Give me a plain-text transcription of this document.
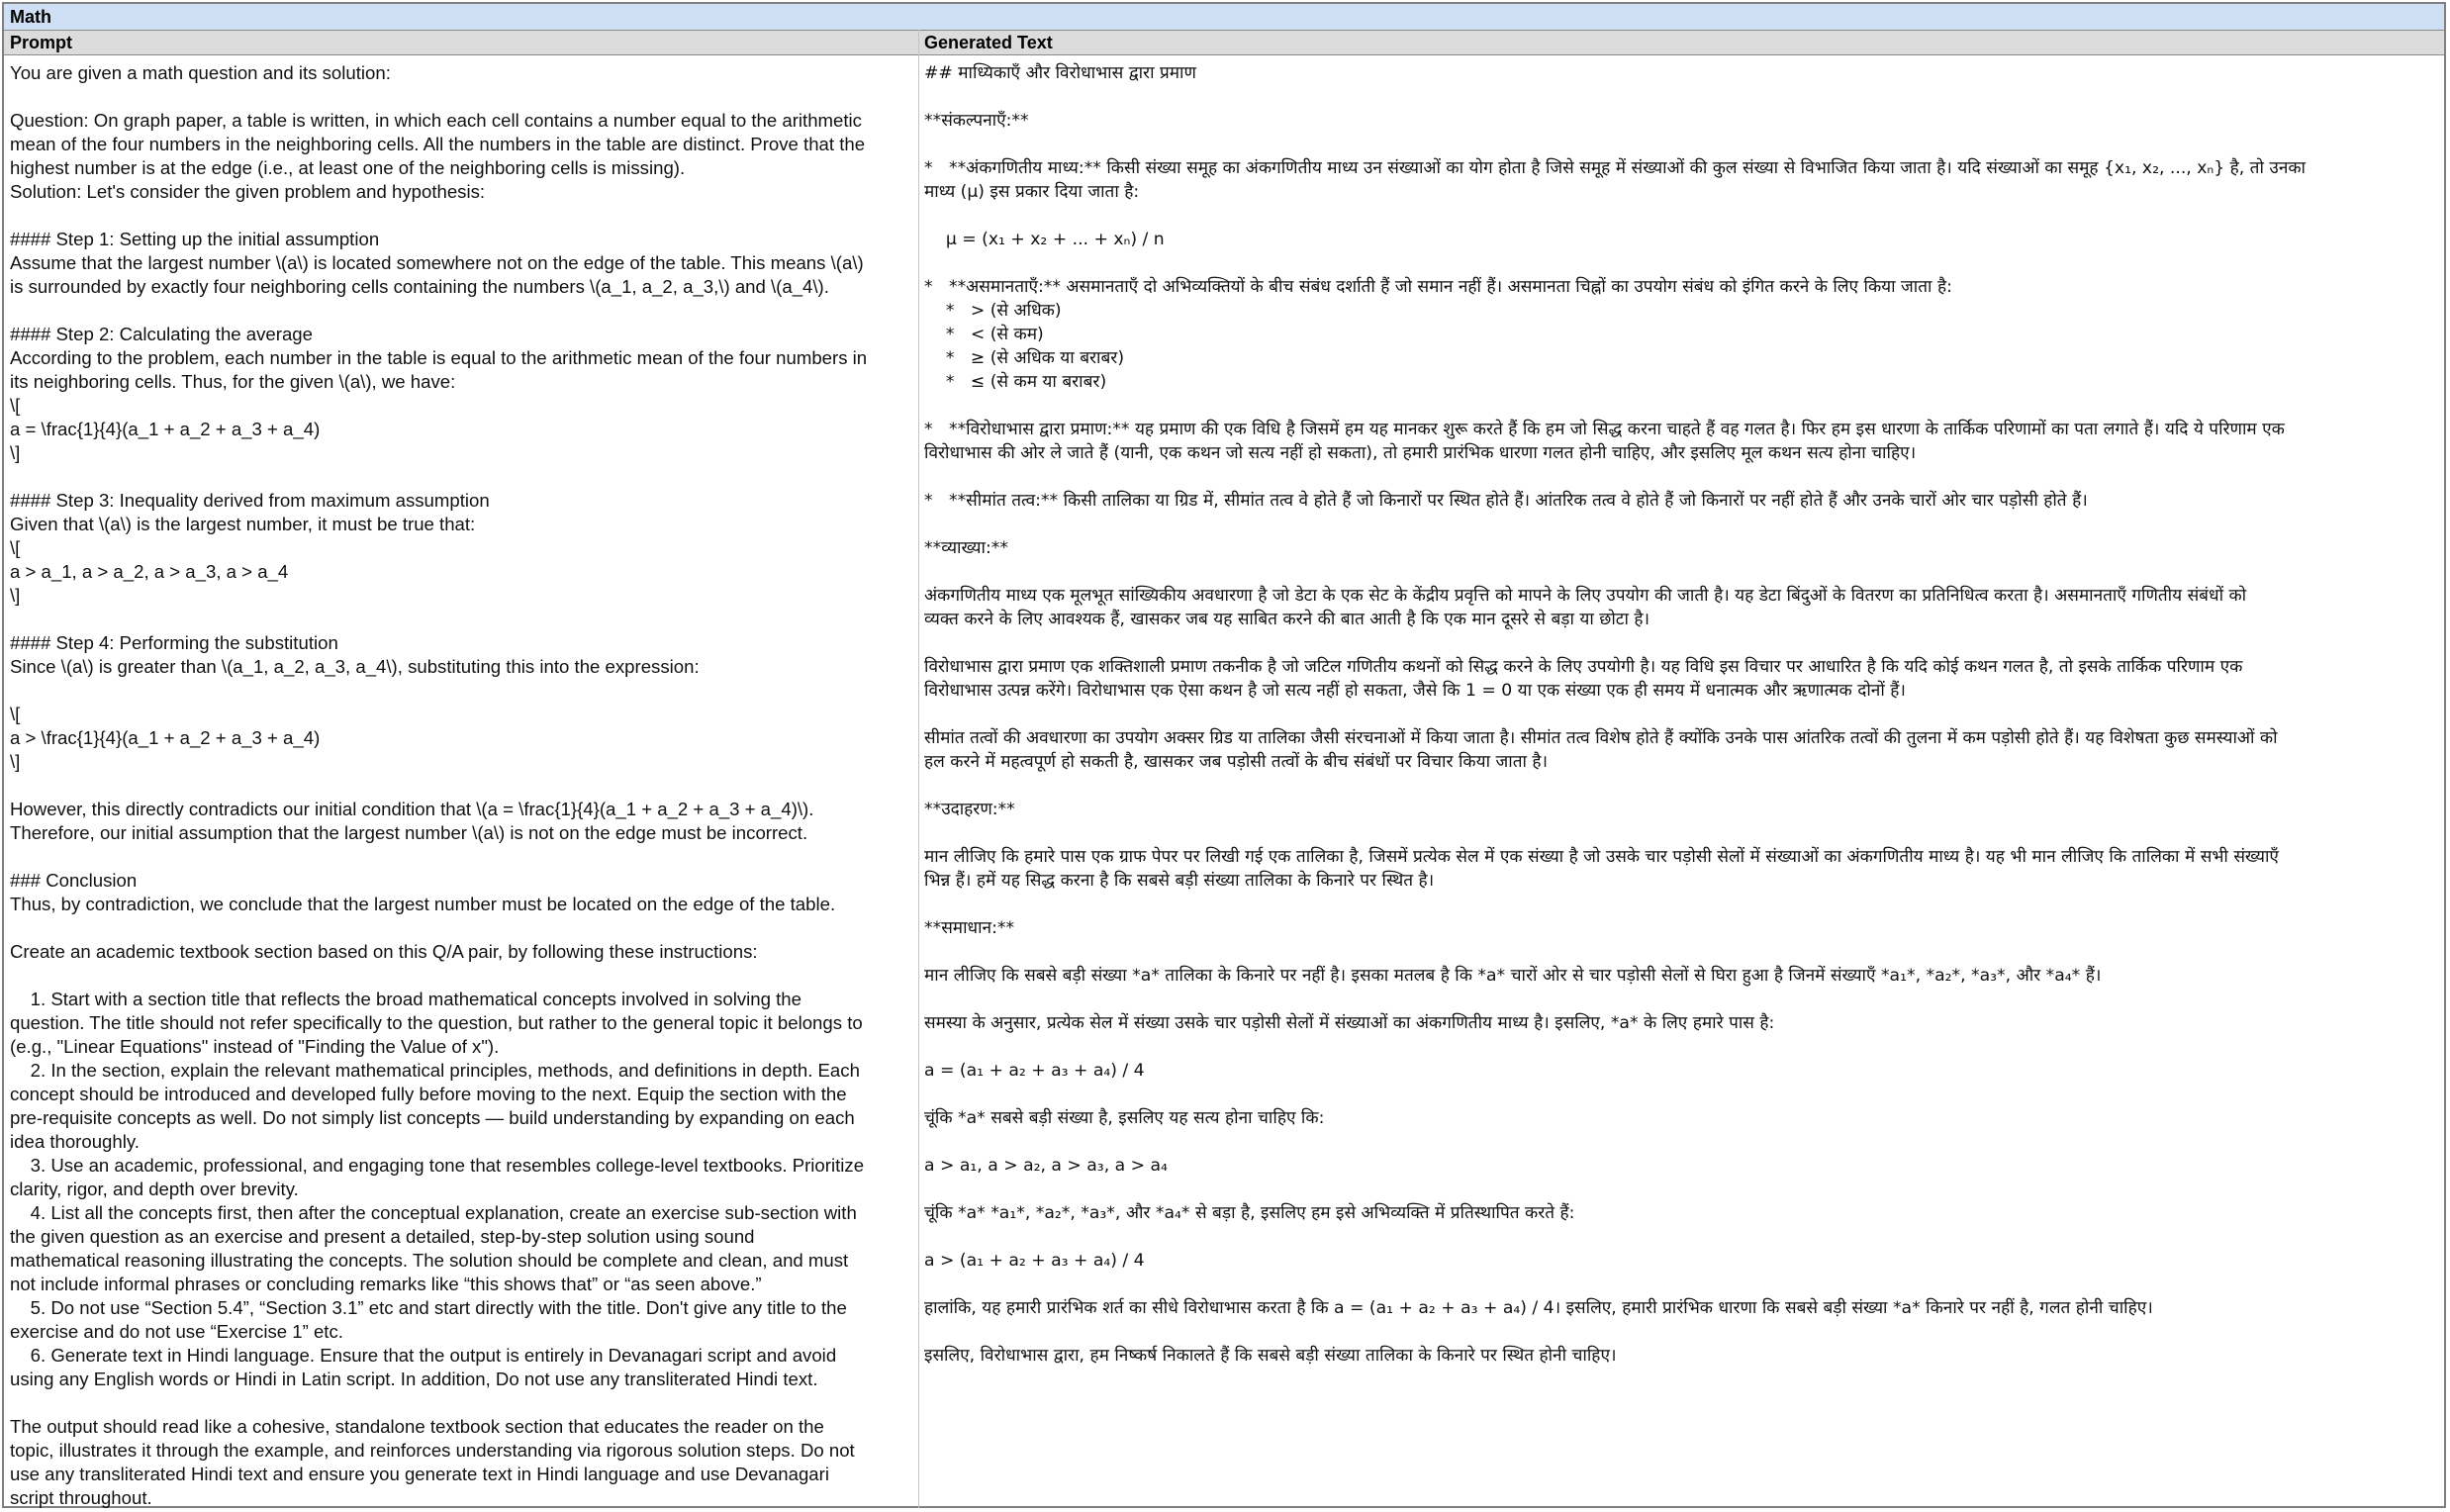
Math
Prompt	Generated Text
You are given a math question and its solution:
Question: On graph paper, a table is written, in which each cell contains a number equal to the arithmetic
mean of the four numbers in the neighboring cells. All the numbers in the table are distinct. Prove that the
highest number is at the edge (i.e., at least one of the neighboring cells is missing).
Solution: Let's consider the given problem and hypothesis:
#### Step 1: Setting up the initial assumption
Assume that the largest number \(a\) is located somewhere not on the edge of the table. This means \(a\)
is surrounded by exactly four neighboring cells containing the numbers \(a_1, a_2, a_3,\) and \(a_4\).
#### Step 2: Calculating the average
According to the problem, each number in the table is equal to the arithmetic mean of the four numbers in
its neighboring cells. Thus, for the given \(a\), we have:
\[
a = \frac{1}{4}(a_1 + a_2 + a_3 + a_4)
\]
#### Step 3: Inequality derived from maximum assumption
Given that \(a\) is the largest number, it must be true that:
\[
a > a_1, a > a_2, a > a_3, a > a_4
\]
#### Step 4: Performing the substitution
Since \(a\) is greater than \(a_1, a_2, a_3, a_4\), substituting this into the expression:
\[
a > \frac{1}{4}(a_1 + a_2 + a_3 + a_4)
\]
However, this directly contradicts our initial condition that \(a = \frac{1}{4}(a_1 + a_2 + a_3 + a_4)\).
Therefore, our initial assumption that the largest number \(a\) is not on the edge must be incorrect.
### Conclusion
Thus, by contradiction, we conclude that the largest number must be located on the edge of the table.
Create an academic textbook section based on this Q/A pair, by following these instructions:
1. Start with a section title that reflects the broad mathematical concepts involved in solving the
question. The title should not refer specifically to the question, but rather to the general topic it belongs to
(e.g., "Linear Equations" instead of "Finding the Value of x").
2. In the section, explain the relevant mathematical principles, methods, and definitions in depth. Each
concept should be introduced and developed fully before moving to the next. Equip the section with the
pre-requisite concepts as well. Do not simply list concepts — build understanding by expanding on each
idea thoroughly.
3. Use an academic, professional, and engaging tone that resembles college-level textbooks. Prioritize
clarity, rigor, and depth over brevity.
4. List all the concepts first, then after the conceptual explanation, create an exercise sub-section with
the given question as an exercise and present a detailed, step-by-step solution using sound
mathematical reasoning illustrating the concepts. The solution should be complete and clean, and must
not include informal phrases or concluding remarks like “this shows that” or “as seen above.”
5. Do not use “Section 5.4”, “Section 3.1” etc and start directly with the title. Don't give any title to the
exercise and do not use “Exercise 1” etc.
6. Generate text in Hindi language. Ensure that the output is entirely in Devanagari script and avoid
using any English words or Hindi in Latin script. In addition, Do not use any transliterated Hindi text.
The output should read like a cohesive, standalone textbook section that educates the reader on the
topic, illustrates it through the example, and reinforces understanding via rigorous solution steps. Do not
use any transliterated Hindi text and ensure you generate text in Hindi language and use Devanagari
script throughout.
## माध्यिकाएँ और विरोधाभास द्वारा प्रमाण
**संकल्पनाएँ:**
*   **अंकगणितीय माध्य:** किसी संख्या समूह का अंकगणितीय माध्य उन संख्याओं का योग होता है जिसे समूह में संख्याओं की कुल संख्या से विभाजित किया जाता है। यदि संख्याओं का समूह {x₁, x₂, ..., xₙ} है, तो उनका
माध्य (μ) इस प्रकार दिया जाता है:
μ = (x₁ + x₂ + ... + xₙ) / n
*   **असमानताएँ:** असमानताएँ दो अभिव्यक्तियों के बीच संबंध दर्शाती हैं जो समान नहीं हैं। असमानता चिह्नों का उपयोग संबंध को इंगित करने के लिए किया जाता है:
*   > (से अधिक)
*   < (से कम)
*   ≥ (से अधिक या बराबर)
*   ≤ (से कम या बराबर)
*   **विरोधाभास द्वारा प्रमाण:** यह प्रमाण की एक विधि है जिसमें हम यह मानकर शुरू करते हैं कि हम जो सिद्ध करना चाहते हैं वह गलत है। फिर हम इस धारणा के तार्किक परिणामों का पता लगाते हैं। यदि ये परिणाम एक
विरोधाभास की ओर ले जाते हैं (यानी, एक कथन जो सत्य नहीं हो सकता), तो हमारी प्रारंभिक धारणा गलत होनी चाहिए, और इसलिए मूल कथन सत्य होना चाहिए।
*   **सीमांत तत्व:** किसी तालिका या ग्रिड में, सीमांत तत्व वे होते हैं जो किनारों पर स्थित होते हैं। आंतरिक तत्व वे होते हैं जो किनारों पर नहीं होते हैं और उनके चारों ओर चार पड़ोसी होते हैं।
**व्याख्या:**
अंकगणितीय माध्य एक मूलभूत सांख्यिकीय अवधारणा है जो डेटा के एक सेट के केंद्रीय प्रवृत्ति को मापने के लिए उपयोग की जाती है। यह डेटा बिंदुओं के वितरण का प्रतिनिधित्व करता है। असमानताएँ गणितीय संबंधों को
व्यक्त करने के लिए आवश्यक हैं, खासकर जब यह साबित करने की बात आती है कि एक मान दूसरे से बड़ा या छोटा है।
विरोधाभास द्वारा प्रमाण एक शक्तिशाली प्रमाण तकनीक है जो जटिल गणितीय कथनों को सिद्ध करने के लिए उपयोगी है। यह विधि इस विचार पर आधारित है कि यदि कोई कथन गलत है, तो इसके तार्किक परिणाम एक
विरोधाभास उत्पन्न करेंगे। विरोधाभास एक ऐसा कथन है जो सत्य नहीं हो सकता, जैसे कि 1 = 0 या एक संख्या एक ही समय में धनात्मक और ऋणात्मक दोनों हैं।
सीमांत तत्वों की अवधारणा का उपयोग अक्सर ग्रिड या तालिका जैसी संरचनाओं में किया जाता है। सीमांत तत्व विशेष होते हैं क्योंकि उनके पास आंतरिक तत्वों की तुलना में कम पड़ोसी होते हैं। यह विशेषता कुछ समस्याओं को
हल करने में महत्वपूर्ण हो सकती है, खासकर जब पड़ोसी तत्वों के बीच संबंधों पर विचार किया जाता है।
**उदाहरण:**
मान लीजिए कि हमारे पास एक ग्राफ पेपर पर लिखी गई एक तालिका है, जिसमें प्रत्येक सेल में एक संख्या है जो उसके चार पड़ोसी सेलों में संख्याओं का अंकगणितीय माध्य है। यह भी मान लीजिए कि तालिका में सभी संख्याएँ
भिन्न हैं। हमें यह सिद्ध करना है कि सबसे बड़ी संख्या तालिका के किनारे पर स्थित है।
**समाधान:**
मान लीजिए कि सबसे बड़ी संख्या *a* तालिका के किनारे पर नहीं है। इसका मतलब है कि *a* चारों ओर से चार पड़ोसी सेलों से घिरा हुआ है जिनमें संख्याएँ *a₁*, *a₂*, *a₃*, और *a₄* हैं।
समस्या के अनुसार, प्रत्येक सेल में संख्या उसके चार पड़ोसी सेलों में संख्याओं का अंकगणितीय माध्य है। इसलिए, *a* के लिए हमारे पास है:
a = (a₁ + a₂ + a₃ + a₄) / 4
चूंकि *a* सबसे बड़ी संख्या है, इसलिए यह सत्य होना चाहिए कि:
a > a₁, a > a₂, a > a₃, a > a₄
चूंकि *a* *a₁*, *a₂*, *a₃*, और *a₄* से बड़ा है, इसलिए हम इसे अभिव्यक्ति में प्रतिस्थापित करते हैं:
a > (a₁ + a₂ + a₃ + a₄) / 4
हालांकि, यह हमारी प्रारंभिक शर्त का सीधे विरोधाभास करता है कि a = (a₁ + a₂ + a₃ + a₄) / 4। इसलिए, हमारी प्रारंभिक धारणा कि सबसे बड़ी संख्या *a* किनारे पर नहीं है, गलत होनी चाहिए।
इसलिए, विरोधाभास द्वारा, हम निष्कर्ष निकालते हैं कि सबसे बड़ी संख्या तालिका के किनारे पर स्थित होनी चाहिए।
